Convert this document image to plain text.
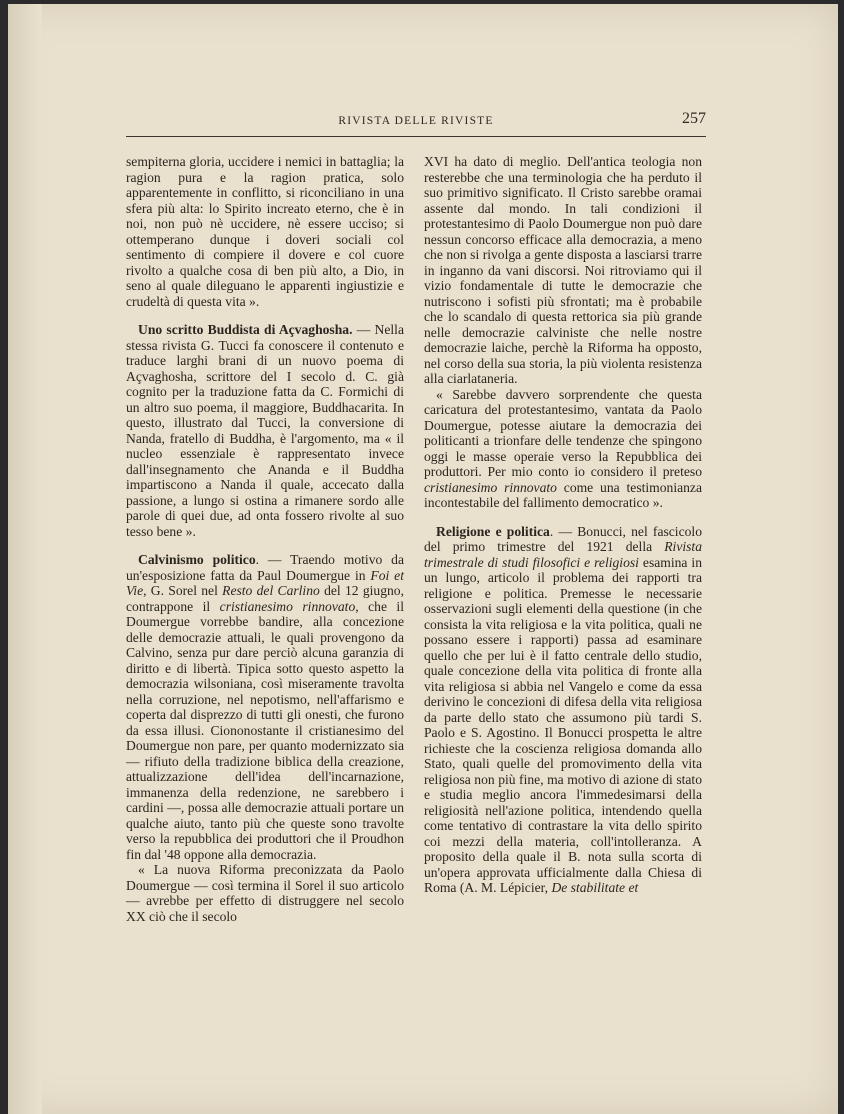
RIVISTA DELLE RIVISTE	257

sempiterna gloria, uccidere i nemici in battaglia; la ragion pura e la ragion pratica, solo apparentemente in conflitto, si riconciliano in una sfera più alta: lo Spirito increato eterno, che è in noi, non può nè uccidere, nè essere ucciso; si ottemperano dunque i doveri sociali col sentimento di compiere il dovere e col cuore rivolto a qualche cosa di ben più alto, a Dio, in seno al quale dileguano le apparenti ingiustizie e crudeltà di questa vita ».

Uno scritto Buddista di Açvaghosha. — Nella stessa rivista G. Tucci fa conoscere il contenuto e traduce larghi brani di un nuovo poema di Açvaghosha, scrittore del I secolo d. C. già cognito per la traduzione fatta da C. Formichi di un altro suo poema, il maggiore, Buddhacarita. In questo, illustrato dal Tucci, la conversione di Nanda, fratello di Buddha, è l'argomento, ma « il nucleo essenziale è rappresentato invece dall'insegnamento che Ananda e il Buddha impartiscono a Nanda il quale, accecato dalla passione, a lungo si ostina a rimanere sordo alle parole di quei due, ad onta fossero rivolte al suo tesso bene ».

Calvinismo politico. — Traendo motivo da un'esposizione fatta da Paul Doumergue in Foi et Vie, G. Sorel nel Resto del Carlino del 12 giugno, contrappone il cristianesimo rinnovato, che il Doumergue vorrebbe bandire, alla concezione delle democrazie attuali, le quali provengono da Calvino, senza pur dare perciò alcuna garanzia di diritto e di libertà. Tipica sotto questo aspetto la democrazia wilsoniana, così miseramente travolta nella corruzione, nel nepotismo, nell'affarismo e coperta dal disprezzo di tutti gli onesti, che furono da essa illusi. Ciononostante il cristianesimo del Doumergue non pare, per quanto modernizzato sia — rifiuto della tradizione biblica della creazione, attualizzazione dell'idea dell'incarnazione, immanenza della redenzione, ne sarebbero i cardini —, possa alle democrazie attuali portare un qualche aiuto, tanto più che queste sono travolte verso la repubblica dei produttori che il Proudhon fin dal '48 oppone alla democrazia.

« La nuova Riforma preconizzata da Paolo Doumergue — così termina il Sorel il suo articolo — avrebbe per effetto di distruggere nel secolo XX ciò che il secolo

XVI ha dato di meglio. Dell'antica teologia non resterebbe che una terminologia che ha perduto il suo primitivo significato. Il Cristo sarebbe oramai assente dal mondo. In tali condizioni il protestantesimo di Paolo Doumergue non può dare nessun concorso efficace alla democrazia, a meno che non si rivolga a gente disposta a lasciarsi trarre in inganno da vani discorsi. Noi ritroviamo qui il vizio fondamentale di tutte le democrazie che nutriscono i sofisti più sfrontati; ma è probabile che lo scandalo di questa rettorica sia più grande nelle democrazie calviniste che nelle nostre democrazie laiche, perchè la Riforma ha opposto, nel corso della sua storia, la più violenta resistenza alla ciarlataneria.

« Sarebbe davvero sorprendente che questa caricatura del protestantesimo, vantata da Paolo Doumergue, potesse aiutare la democrazia dei politicanti a trionfare delle tendenze che spingono oggi le masse operaie verso la Repubblica dei produttori. Per mio conto io considero il preteso cristianesimo rinnovato come una testimonianza incontestabile del fallimento democratico ».

Religione e politica. — Bonucci, nel fascicolo del primo trimestre del 1921 della Rivista trimestrale di studi filosofici e religiosi esamina in un lungo, articolo il problema dei rapporti tra religione e politica. Premesse le necessarie osservazioni sugli elementi della questione (in che consista la vita religiosa e la vita politica, quali ne possano essere i rapporti) passa ad esaminare quello che per lui è il fatto centrale dello studio, quale concezione della vita politica di fronte alla vita religiosa si abbia nel Vangelo e come da essa derivino le concezioni di difesa della vita religiosa da parte dello stato che assumono più tardi S. Paolo e S. Agostino. Il Bonucci prospetta le altre richieste che la coscienza religiosa domanda allo Stato, quali quelle del promovimento della vita religiosa non più fine, ma motivo di azione di stato e studia meglio ancora l'immedesimarsi della religiosità nell'azione politica, intendendo quella come tentativo di contrastare la vita dello spirito coi mezzi della materia, coll'intolleranza. A proposito della quale il B. nota sulla scorta di un'opera approvata ufficialmente dalla Chiesa di Roma (A. M. Lépicier, De stabilitate et
